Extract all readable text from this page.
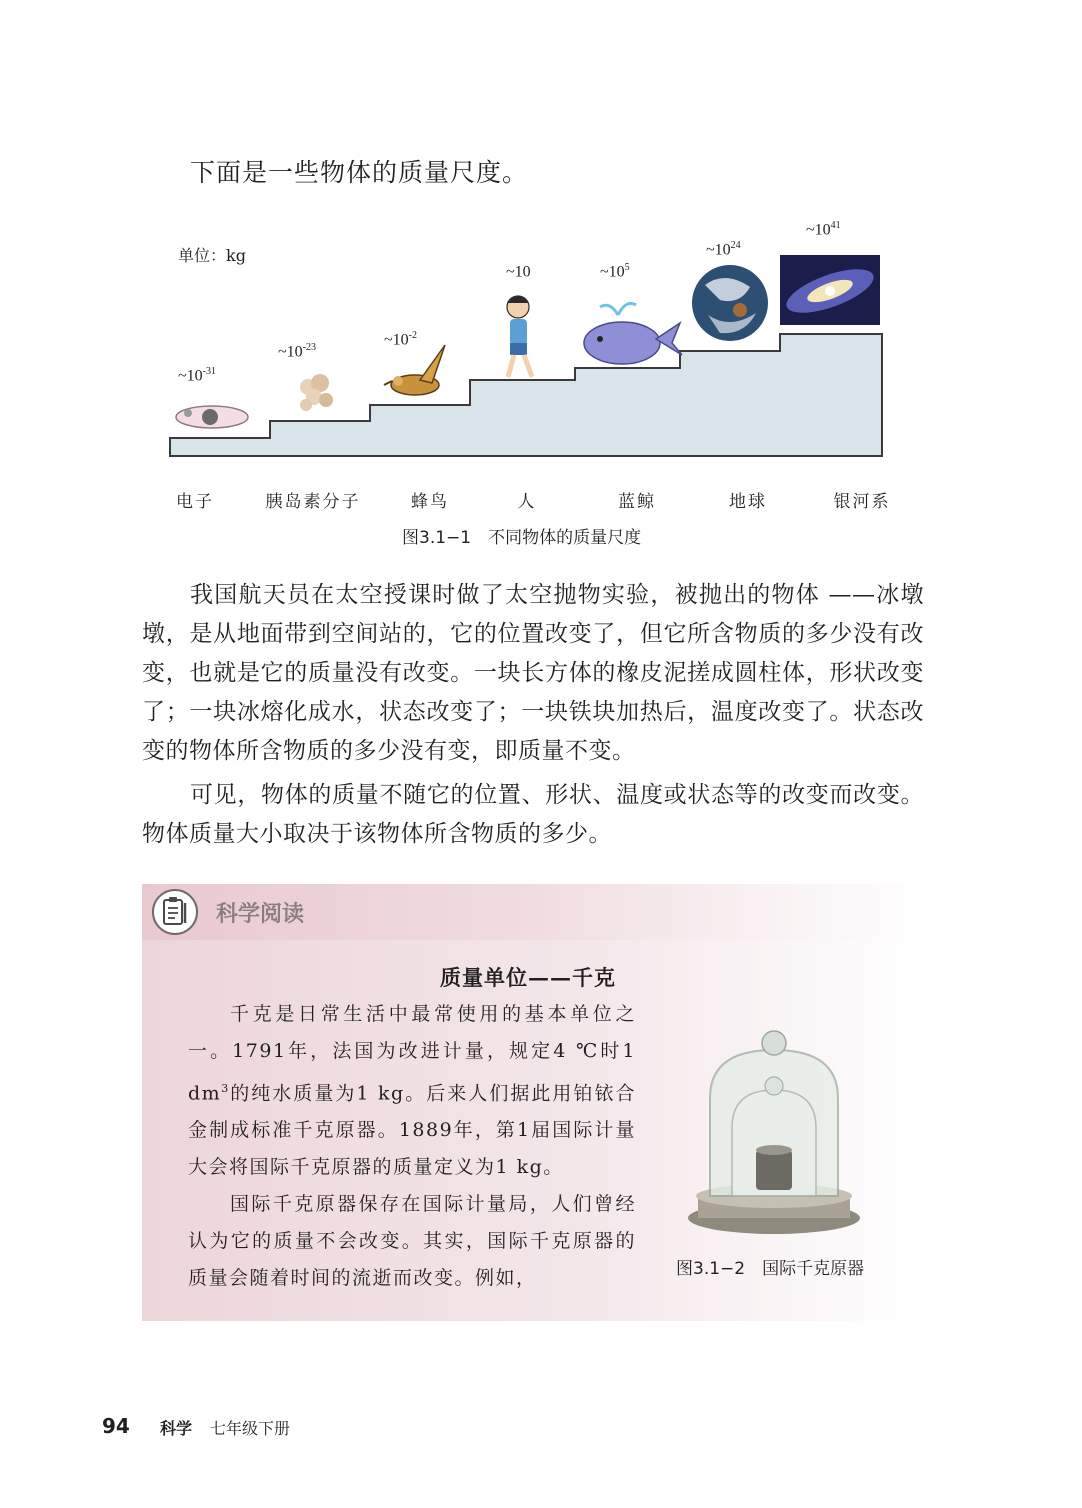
下面是一些物体的质量尺度。
单位：kg
$\sim 10^{-31}$
$\sim 10^{-23}$	$\sim 10^{-2}$
~10	$\sim 10^5$
$\sim 10^{24}$
$\sim 10^{41}$
电子	胰岛素分子	蜂鸟	人	蓝鲸	地球	银河系
图3.1−1　不同物体的质量尺度
我国航天员在太空授课时做了太空抛物实验，被抛出的物体 ——冰墩墩，是从地面带到空间站的，它的位置改变了，但它所含物质的多少没有改变，也就是它的质量没有改变。一块长方体的橡皮泥搓成圆柱体，形状改变了；一块冰熔化成水，状态改变了；一块铁块加热后，温度改变了。状态改变的物体所含物质的多少没有变，即质量不变。
可见，物体的质量不随它的位置、形状、温度或状态等的改变而改变。物体质量大小取决于该物体所含物质的多少。
科学阅读
质量单位——千克
千克是日常生活中最常使用的基本单位之一。1791年，法国为改进计量，规定4 ℃时1 $dm^3$的纯水质量为1 kg。后来人们据此用铂铱合金制成标准千克原器。1889年，第1届国际计量大会将国际千克原器的质量定义为1 kg。
国际千克原器保存在国际计量局，人们曾经认为它的质量不会改变。其实，国际千克原器的质量会随着时间的流逝而改变。例如，	图3.1−2　国际千克原器
94 科学 七年级下册
